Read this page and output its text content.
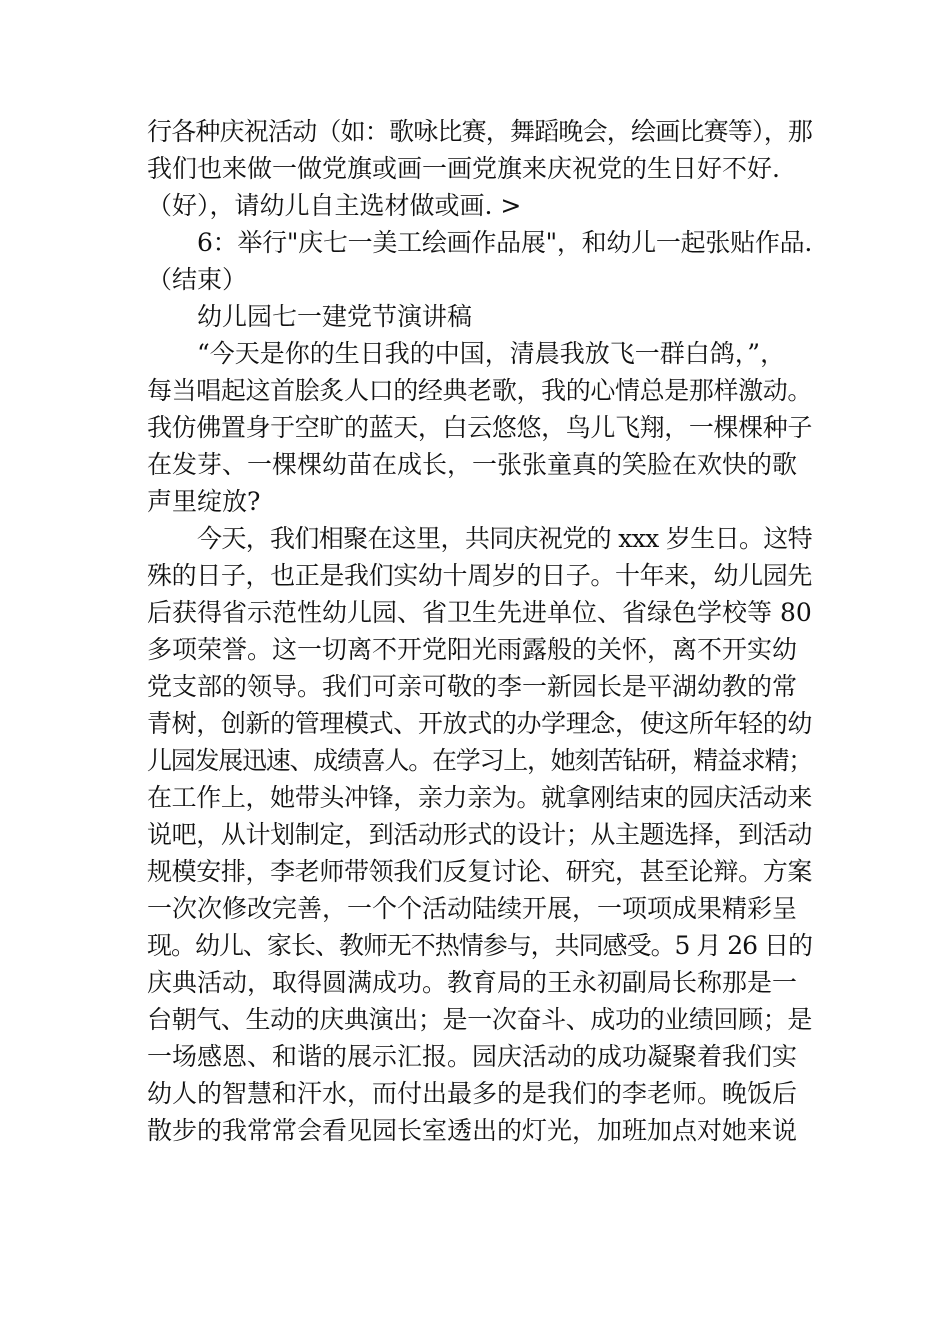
行各种庆祝活动（如：歌咏比赛，舞蹈晚会，绘画比赛等），那
我们也来做一做党旗或画一画党旗来庆祝党的生日好不好.
（好），请幼儿自主选材做或画. >
6：举行"庆七一美工绘画作品展"，和幼儿一起张贴作品.
（结束）
幼儿园七一建党节演讲稿
“今天是你的生日我的中国，清晨我放飞一群白鸽，”，
每当唱起这首脍炙人口的经典老歌，我的心情总是那样激动。
我仿佛置身于空旷的蓝天，白云悠悠，鸟儿飞翔，一棵棵种子
在发芽、一棵棵幼苗在成长，一张张童真的笑脸在欢快的歌
声里绽放?
今天，我们相聚在这里，共同庆祝党的 xxx 岁生日。这特
殊的日子，也正是我们实幼十周岁的日子。十年来，幼儿园先
后获得省示范性幼儿园、省卫生先进单位、省绿色学校等 80
多项荣誉。这一切离不开党阳光雨露般的关怀，离不开实幼
党支部的领导。我们可亲可敬的李一新园长是平湖幼教的常
青树，创新的管理模式、开放式的办学理念，使这所年轻的幼
儿园发展迅速、成绩喜人。在学习上，她刻苦钻研，精益求精；
在工作上，她带头冲锋，亲力亲为。就拿刚结束的园庆活动来
说吧，从计划制定，到活动形式的设计；从主题选择，到活动
规模安排，李老师带领我们反复讨论、研究，甚至论辩。方案
一次次修改完善，一个个活动陆续开展，一项项成果精彩呈
现。幼儿、家长、教师无不热情参与，共同感受。5 月 26 日的
庆典活动，取得圆满成功。教育局的王永初副局长称那是一
台朝气、生动的庆典演出；是一次奋斗、成功的业绩回顾；是
一场感恩、和谐的展示汇报。园庆活动的成功凝聚着我们实
幼人的智慧和汗水，而付出最多的是我们的李老师。晚饭后
散步的我常常会看见园长室透出的灯光，加班加点对她来说
